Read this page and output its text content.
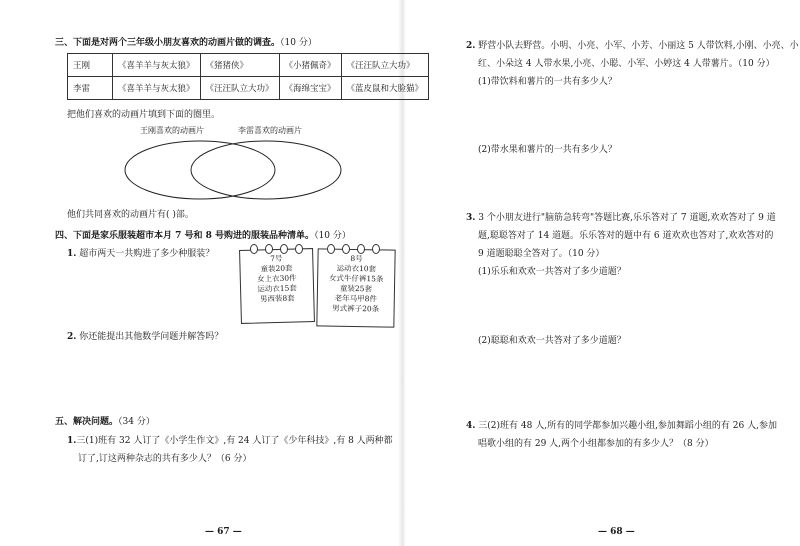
三、下面是对两个三年级小朋友喜欢的动画片做的调查。（10 分）
王刚	《喜羊羊与灰太狼》	《猪猪侠》	《小猪佩奇》	《汪汪队立大功》
李雷	《喜羊羊与灰太狼》	《汪汪队立大功》	《海绵宝宝》	《蓝皮鼠和大脸猫》
把他们喜欢的动画片填到下面的圈里。
王刚喜欢的动画片	李雷喜欢的动画片
他们共同喜欢的动画片有( )部。
四、下面是家乐服装超市本月 7 号和 8 号购进的服装品种清单。（10 分）
1. 超市两天一共购进了多少种服装？	7号
童装20套
女上衣30件
运动衣15套
男西装8套
8号
运动衣10套
女式牛仔裤15条
童装25套
老年马甲8件
男式裤子20条
2. 你还能提出其他数学问题并解答吗？
五、解决问题。（34 分）
1.三(1)班有 32 人订了《小学生作文》,有 24 人订了《少年科技》,有 8 人两种都
订了,订这两种杂志的共有多少人？（6 分）
— 67 —
2. 野营小队去野营。小明、小亮、小军、小芳、小丽这 5 人带饮料,小刚、小亮、小
红、小朵这 4 人带水果,小亮、小聪、小军、小婷这 4 人带薯片。（10 分）
(1)带饮料和薯片的一共有多少人？
(2)带水果和薯片的一共有多少人？
3. 3 个小朋友进行"脑筋急转弯"答题比赛,乐乐答对了 7 道题,欢欢答对了 9 道
题,聪聪答对了 14 道题。乐乐答对的题中有 6 道欢欢也答对了,欢欢答对的
9 道题聪聪全答对了。（10 分）
(1)乐乐和欢欢一共答对了多少道题？
(2)聪聪和欢欢一共答对了多少道题？
4. 三(2)班有 48 人,所有的同学都参加兴趣小组,参加舞蹈小组的有 26 人,参加
唱歌小组的有 29 人,两个小组都参加的有多少人？（8 分）
— 68 —
